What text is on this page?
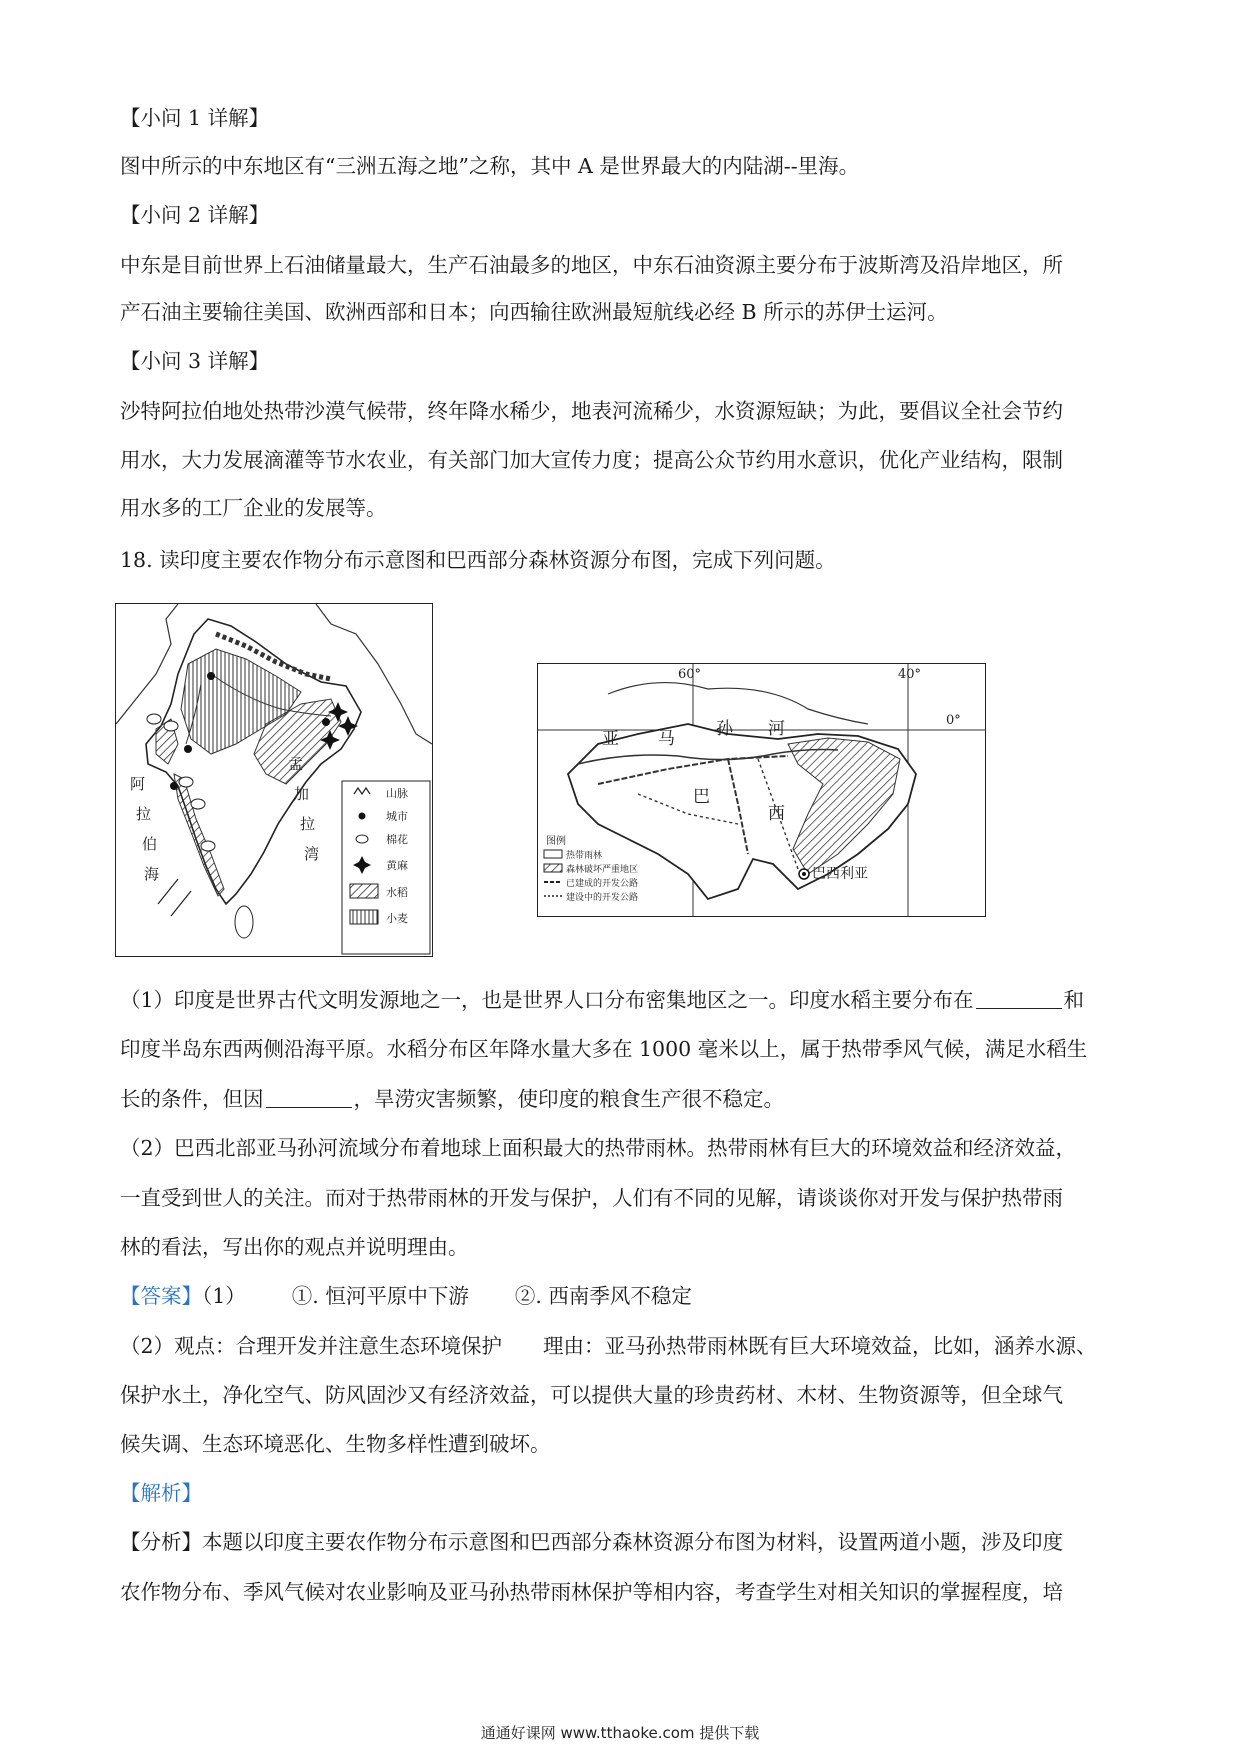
【小问 1 详解】
图中所示的中东地区有“三洲五海之地”之称，其中 A 是世界最大的内陆湖--里海。
【小问 2 详解】
中东是目前世界上石油储量最大，生产石油最多的地区，中东石油资源主要分布于波斯湾及沿岸地区，所
产石油主要输往美国、欧洲西部和日本；向西输往欧洲最短航线必经 B 所示的苏伊士运河。
【小问 3 详解】
沙特阿拉伯地处热带沙漠气候带，终年降水稀少，地表河流稀少，水资源短缺；为此，要倡议全社会节约
用水，大力发展滴灌等节水农业，有关部门加大宣传力度；提高公众节约用水意识，优化产业结构，限制
用水多的工厂企业的发展等。
18. 读印度主要农作物分布示意图和巴西部分森林资源分布图，完成下列问题。
阿
拉
伯
海
孟
加
拉
湾
山脉
城市
棉花
黄麻
水稻
小麦
60°	40°
0°
亚 马 孙 河
巴
西
巴西利亚
图例
热带雨林
森林破坏严重地区
已建成的开发公路
建设中的开发公路
（1）印度是世界古代文明发源地之一，也是世界人口分布密集地区之一。印度水稻主要分布在	和
印度半岛东西两侧沿海平原。水稻分布区年降水量大多在 1000 毫米以上，属于热带季风气候，满足水稻生
长的条件，但因	，旱涝灾害频繁，使印度的粮食生产很不稳定。
（2）巴西北部亚马孙河流域分布着地球上面积最大的热带雨林。热带雨林有巨大的环境效益和经济效益，
一直受到世人的关注。而对于热带雨林的开发与保护，人们有不同的见解，请谈谈你对开发与保护热带雨
林的看法，写出你的观点并说明理由。
【答案】（1） ①. 恒河平原中下游 ②. 西南季风不稳定
（2）观点：合理开发并注意生态环境保护　　理由：亚马孙热带雨林既有巨大环境效益，比如，涵养水源、
保护水土，净化空气、防风固沙又有经济效益，可以提供大量的珍贵药材、木材、生物资源等，但全球气
候失调、生态环境恶化、生物多样性遭到破坏。
【解析】
【分析】本题以印度主要农作物分布示意图和巴西部分森林资源分布图为材料，设置两道小题，涉及印度
农作物分布、季风气候对农业影响及亚马孙热带雨林保护等相内容，考查学生对相关知识的掌握程度，培
通通好课网 www.tthaoke.com 提供下载
